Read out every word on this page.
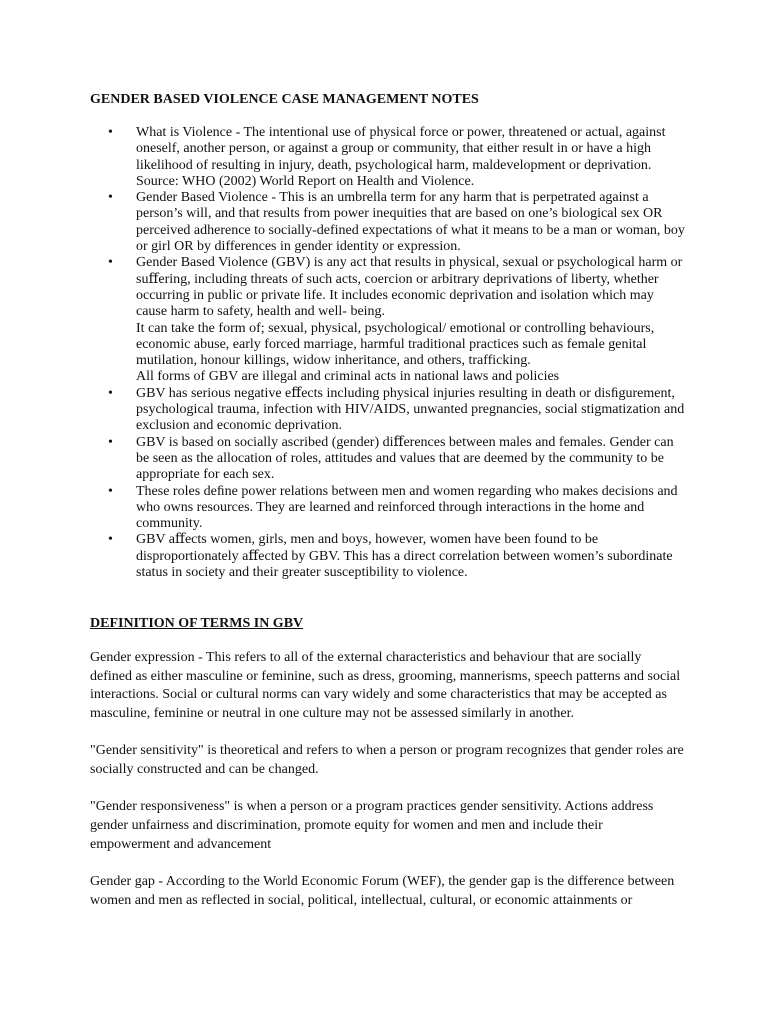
GENDER BASED VIOLENCE CASE MANAGEMENT NOTES
• What is Violence - The intentional use of physical force or power, threatened or actual, against
oneself, another person, or against a group or community, that either result in or have a high
likelihood of resulting in injury, death, psychological harm, maldevelopment or deprivation.
Source: WHO (2002) World Report on Health and Violence.
• Gender Based Violence - This is an umbrella term for any harm that is perpetrated against a
person’s will, and that results from power inequities that are based on one’s biological sex OR
perceived adherence to socially-defined expectations of what it means to be a man or woman, boy
or girl OR by differences in gender identity or expression.
• Gender Based Violence (GBV) is any act that results in physical, sexual or psychological harm or
suﬀering, including threats of such acts, coercion or arbitrary deprivations of liberty, whether
occurring in public or private life. It includes economic deprivation and isolation which may
cause harm to safety, health and well- being.
It can take the form of; sexual, physical, psychological/ emotional or controlling behaviours,
economic abuse, early forced marriage, harmful traditional practices such as female genital
mutilation, honour killings, widow inheritance, and others, trafficking.
All forms of GBV are illegal and criminal acts in national laws and policies
• GBV has serious negative eﬀects including physical injuries resulting in death or disﬁgurement,
psychological trauma, infection with HIV/AIDS, unwanted pregnancies, social stigmatization and
exclusion and economic deprivation.
• GBV is based on socially ascribed (gender) diﬀerences between males and females. Gender can
be seen as the allocation of roles, attitudes and values that are deemed by the community to be
appropriate for each sex.
• These roles deﬁne power relations between men and women regarding who makes decisions and
who owns resources. They are learned and reinforced through interactions in the home and
community.
• GBV aﬀects women, girls, men and boys, however, women have been found to be
disproportionately aﬀected by GBV. This has a direct correlation between women’s subordinate
status in society and their greater susceptibility to violence.
DEFINITION OF TERMS IN GBV

Gender expression - This refers to all of the external characteristics and behaviour that are socially
defined as either masculine or feminine, such as dress, grooming, mannerisms, speech patterns and social
interactions. Social or cultural norms can vary widely and some characteristics that may be accepted as
masculine, feminine or neutral in one culture may not be assessed similarly in another.

"Gender sensitivity" is theoretical and refers to when a person or program recognizes that gender roles are
socially constructed and can be changed.

"Gender responsiveness" is when a person or a program practices gender sensitivity. Actions address
gender unfairness and discrimination, promote equity for women and men and include their
empowerment and advancement

Gender gap - According to the World Economic Forum (WEF), the gender gap is the difference between
women and men as reflected in social, political, intellectual, cultural, or economic attainments or
